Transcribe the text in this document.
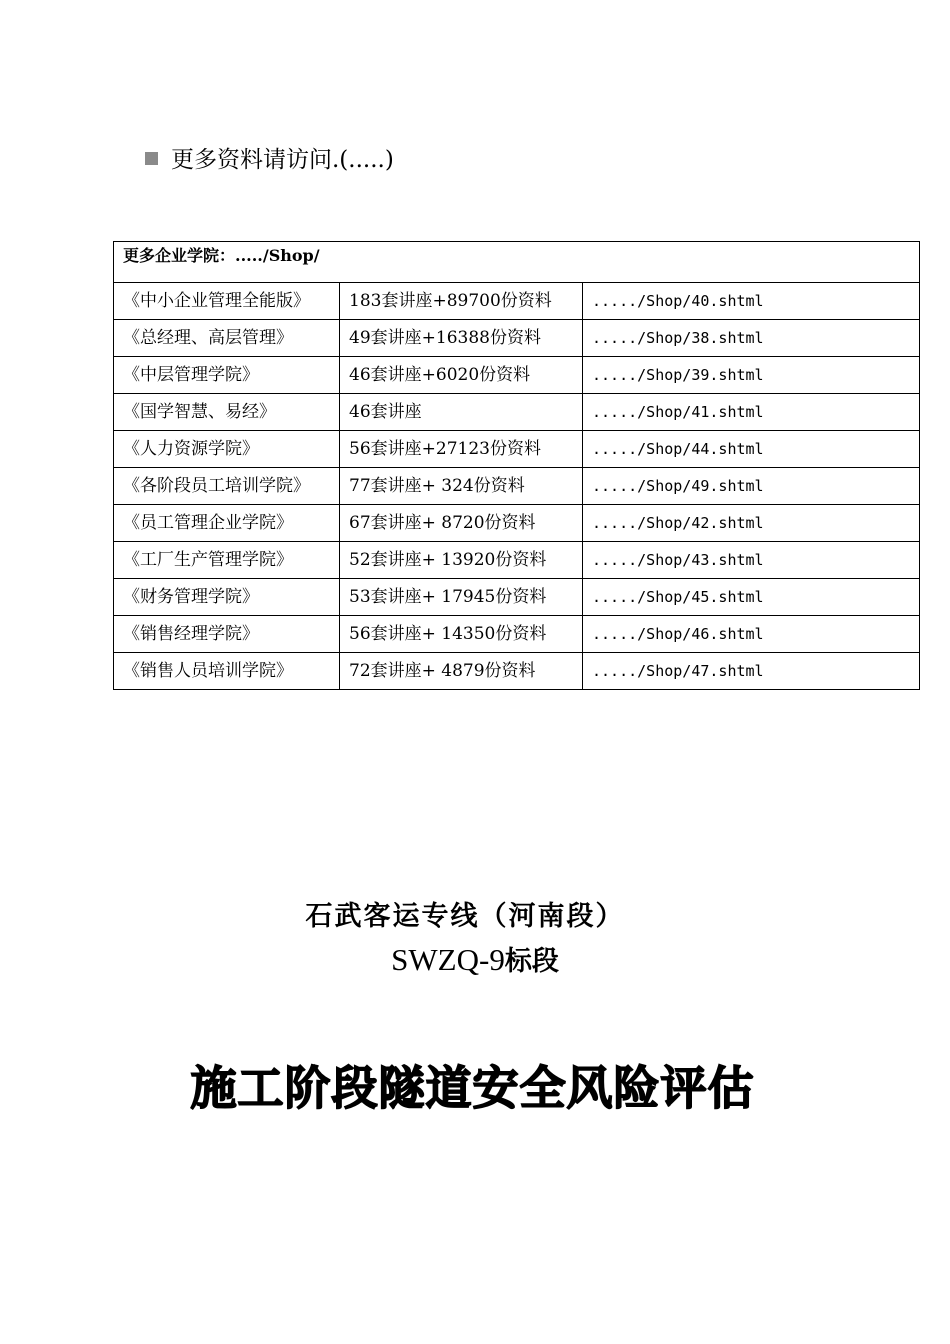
更多资料请访问.(.....)
更多企业学院：...../Shop/		
《中小企业管理全能版》	183套讲座+89700份资料	...../Shop/40.shtml
《总经理、高层管理》	49套讲座+16388份资料	...../Shop/38.shtml
《中层管理学院》	46套讲座+6020份资料	...../Shop/39.shtml
《国学智慧、易经》	46套讲座	...../Shop/41.shtml
《人力资源学院》	56套讲座+27123份资料	...../Shop/44.shtml
《各阶段员工培训学院》	77套讲座+ 324份资料	...../Shop/49.shtml
《员工管理企业学院》	67套讲座+ 8720份资料	...../Shop/42.shtml
《工厂生产管理学院》	52套讲座+ 13920份资料	...../Shop/43.shtml
《财务管理学院》	53套讲座+ 17945份资料	...../Shop/45.shtml
《销售经理学院》	56套讲座+ 14350份资料	...../Shop/46.shtml
《销售人员培训学院》	72套讲座+ 4879份资料	...../Shop/47.shtml
石武客运专线（河南段）
SWZQ-9标段
施工阶段隧道安全风险评估
